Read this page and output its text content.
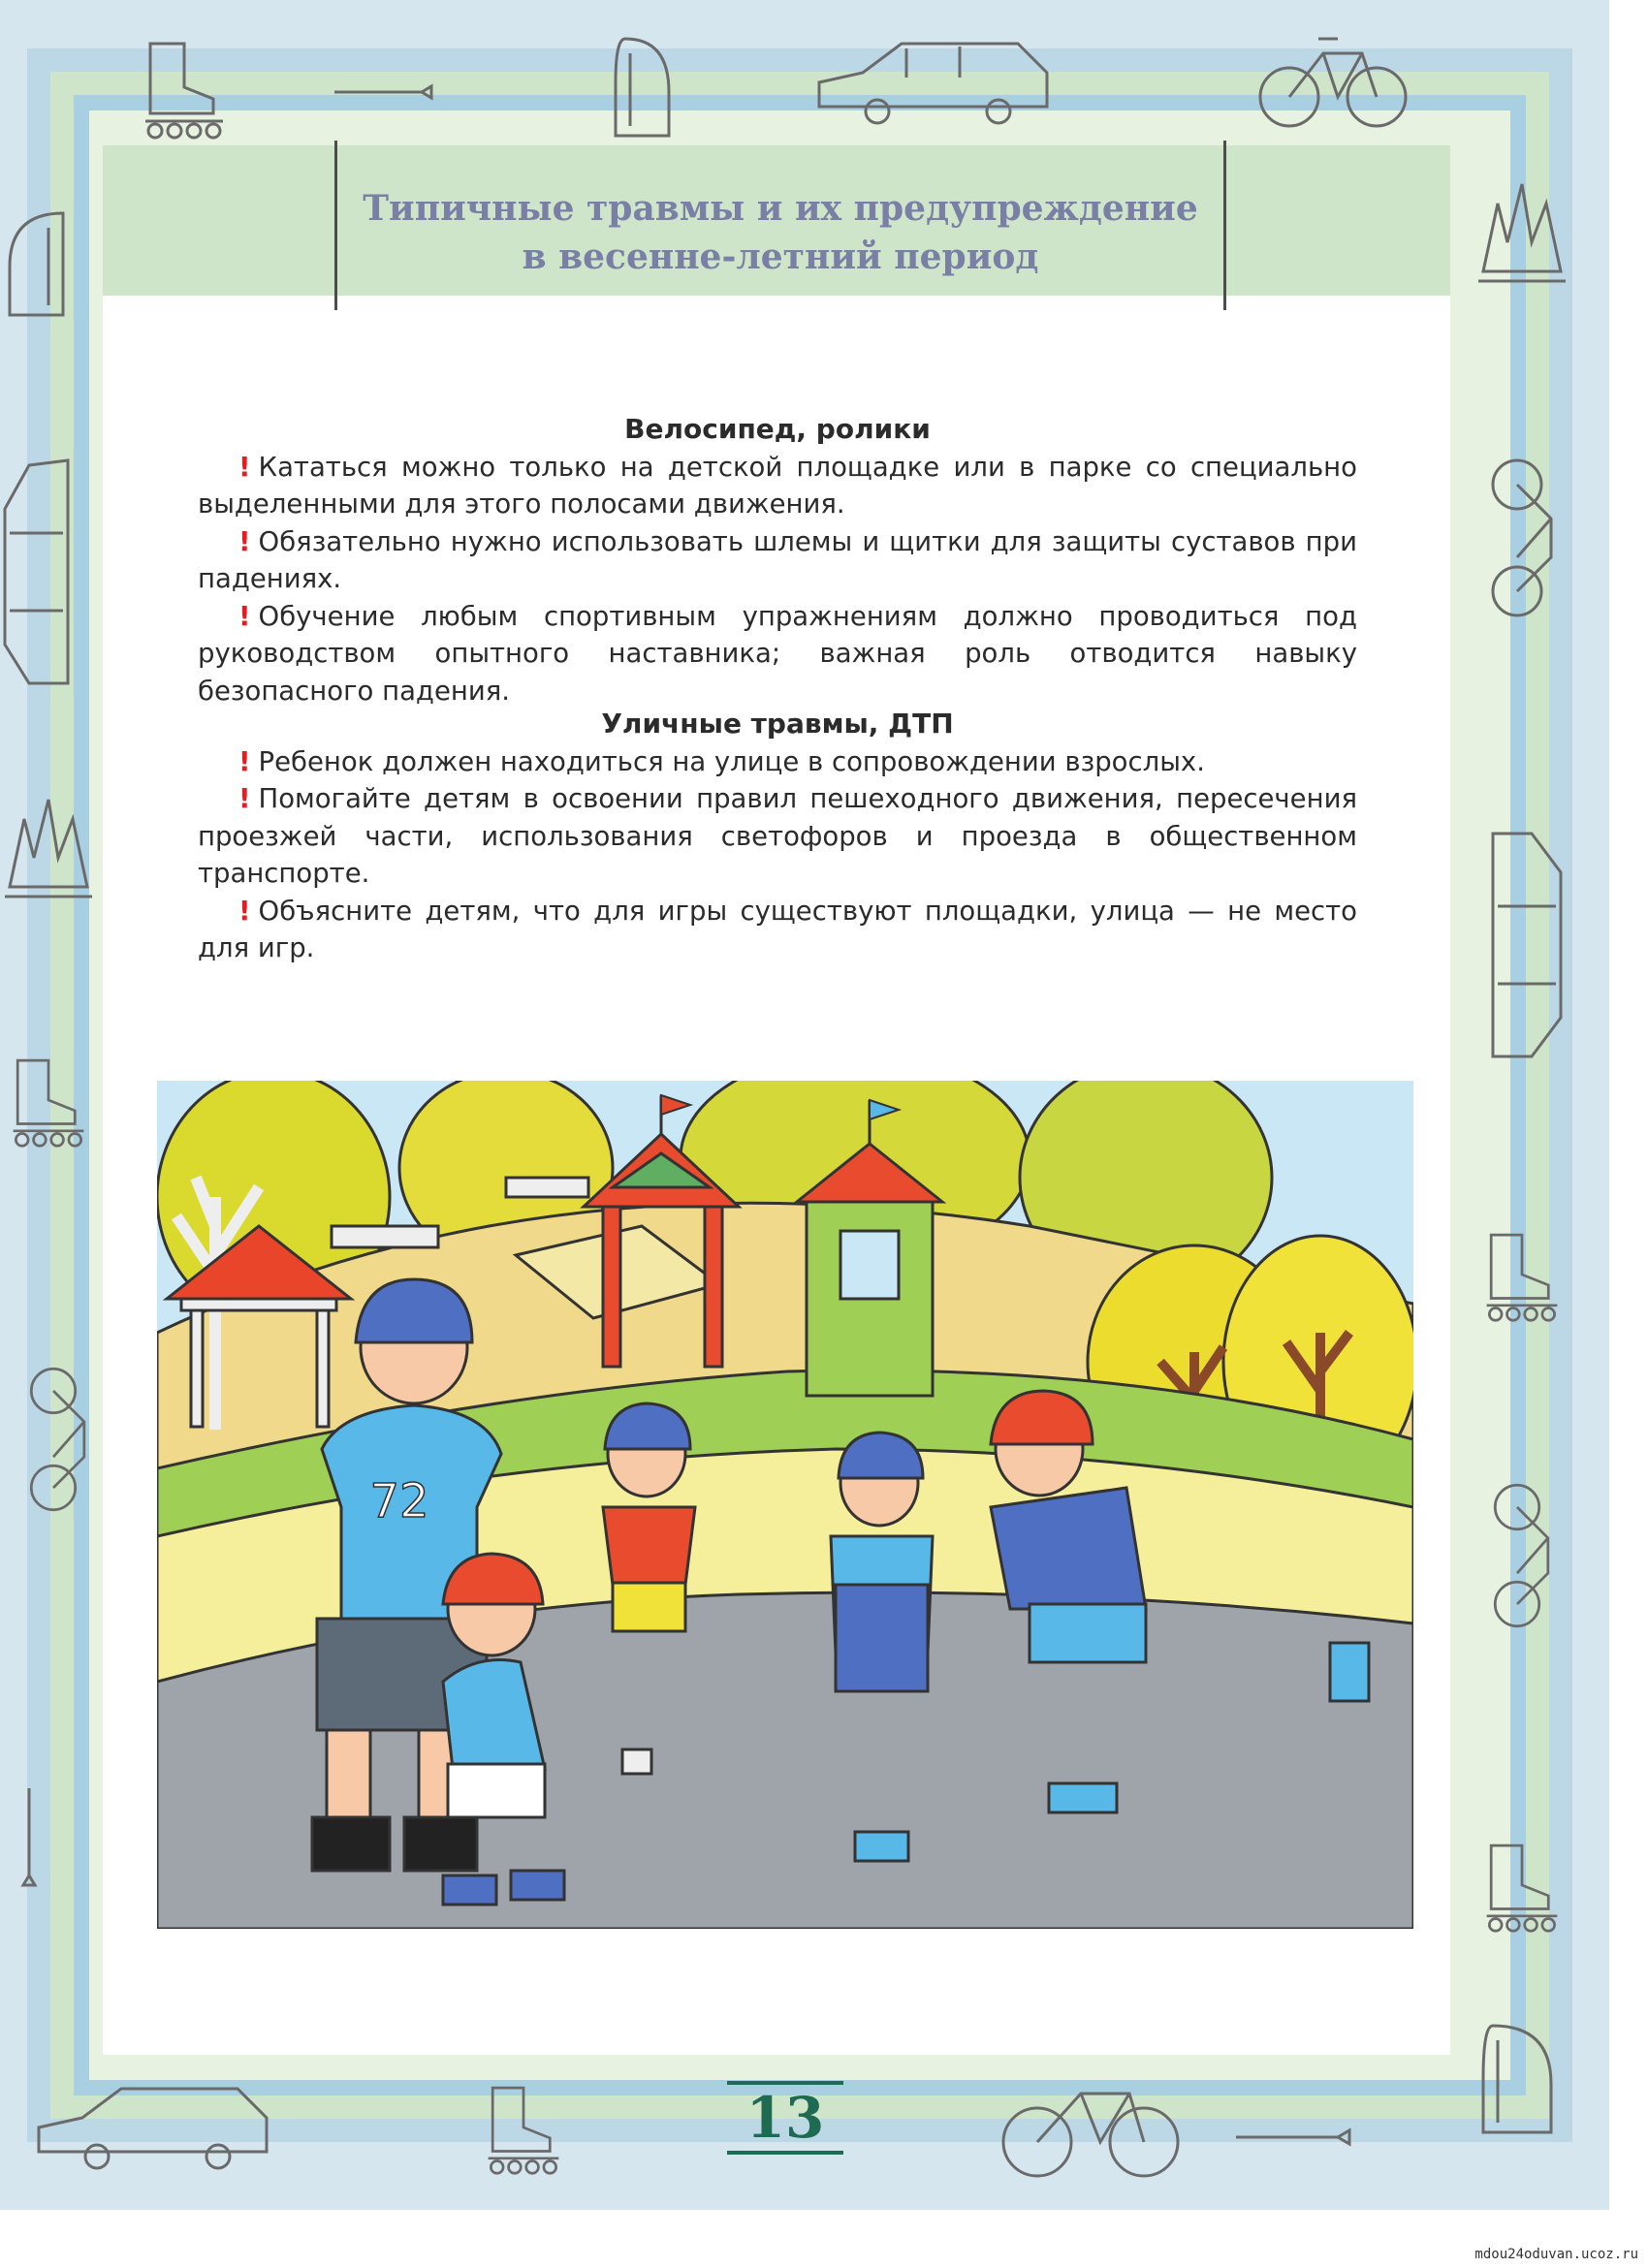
Типичные травмы и их предупреждение
в весенне-летний период

Велосипед, ролики

! Кататься можно только на детской площадке или в парке со специально выделенными для этого полосами движения.

! Обязательно нужно использовать шлемы и щитки для защиты суставов при падениях.

! Обучение любым спортивным упражнениям должно проводиться под руководством опытного наставника; важная роль отводится навыку безопасного падения.

Уличные травмы, ДТП

! Ребенок должен находиться на улице в сопровождении взрослых.

! Помогайте детям в освоении правил пешеходного движения, пересечения проезжей части, использования светофоров и проезда в общественном транспорте.

! Объясните детям, что для игры существуют площадки, улица — не место для игр.

72
13
mdou24oduvan.ucoz.ru
